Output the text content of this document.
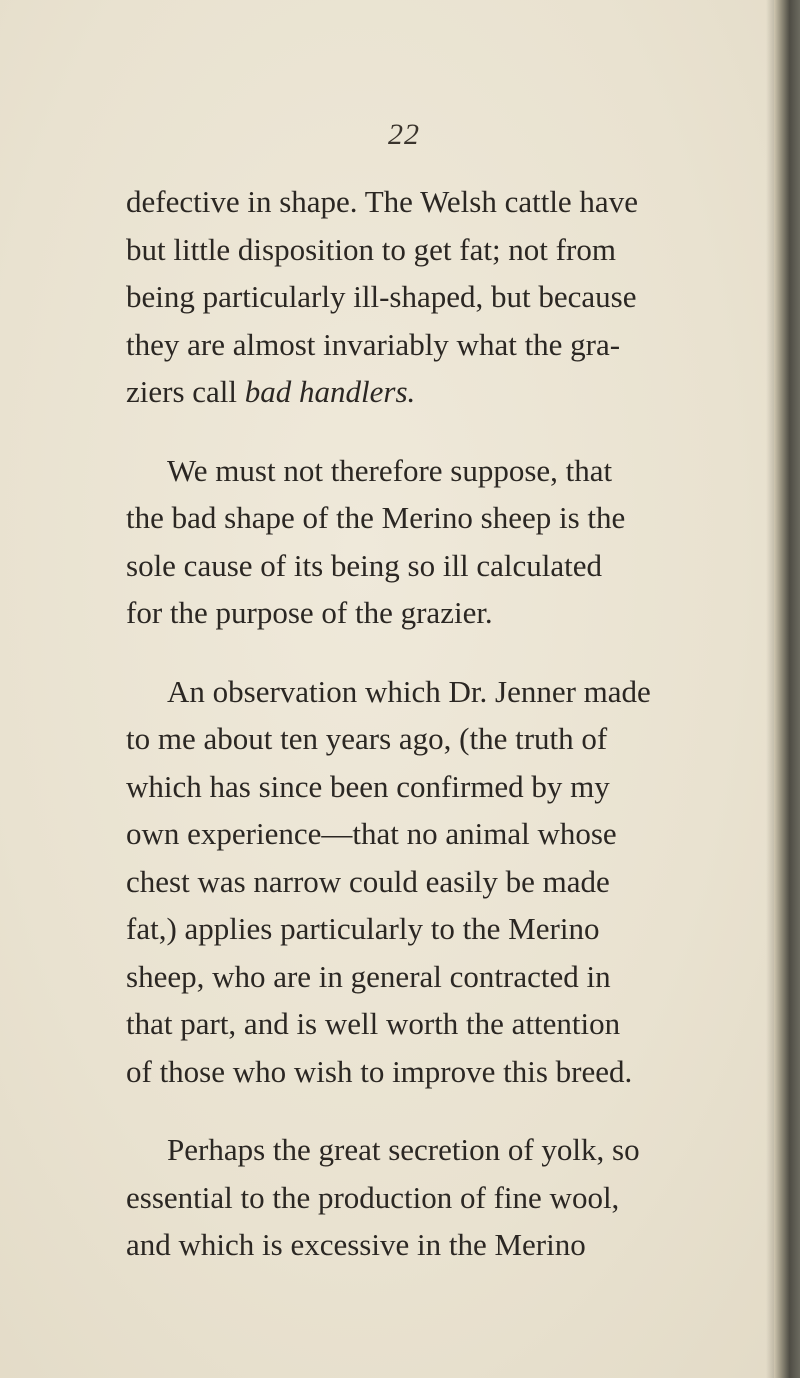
22

defective in shape. The Welsh cattle have
but little disposition to get fat; not from
being particularly ill-shaped, but because
they are almost invariably what the gra-
ziers call bad handlers.

We must not therefore suppose, that
the bad shape of the Merino sheep is the
sole cause of its being so ill calculated
for the purpose of the grazier.

An observation which Dr. Jenner made
to me about ten years ago, (the truth of
which has since been confirmed by my
own experience—that no animal whose
chest was narrow could easily be made
fat,) applies particularly to the Merino
sheep, who are in general contracted in
that part, and is well worth the attention
of those who wish to improve this breed.

Perhaps the great secretion of yolk, so
essential to the production of fine wool,
and which is excessive in the Merino
